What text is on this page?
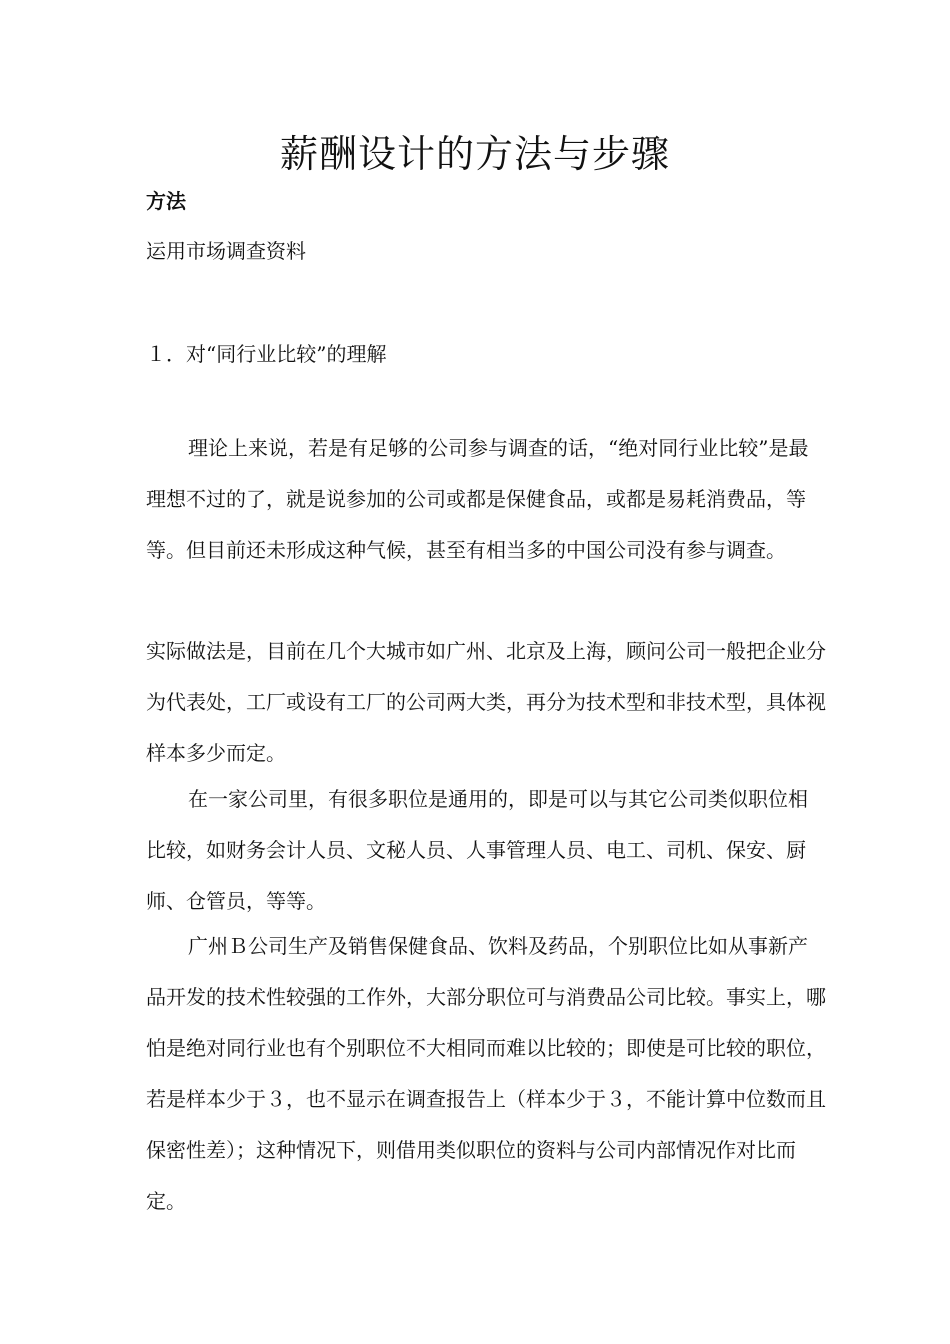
薪酬设计的方法与步骤
方法
运用市场调查资料
１．对“同行业比较”的理解

理论上来说，若是有足够的公司参与调查的话，“绝对同行业比较”是最理想不过的了，就是说参加的公司或都是保健食品，或都是易耗消费品，等等。但目前还未形成这种气候，甚至有相当多的中国公司没有参与调查。

实际做法是，目前在几个大城市如广州、北京及上海，顾问公司一般把企业分为代表处，工厂或设有工厂的公司两大类，再分为技术型和非技术型，具体视样本多少而定。

在一家公司里，有很多职位是通用的，即是可以与其它公司类似职位相比较，如财务会计人员、文秘人员、人事管理人员、电工、司机、保安、厨师、仓管员，等等。

广州Ｂ公司生产及销售保健食品、饮料及药品，个别职位比如从事新产品开发的技术性较强的工作外，大部分职位可与消费品公司比较。事实上，哪怕是绝对同行业也有个别职位不大相同而难以比较的；即使是可比较的职位，若是样本少于３，也不显示在调查报告上（样本少于３，不能计算中位数而且保密性差）；这种情况下，则借用类似职位的资料与公司内部情况作对比而定。
